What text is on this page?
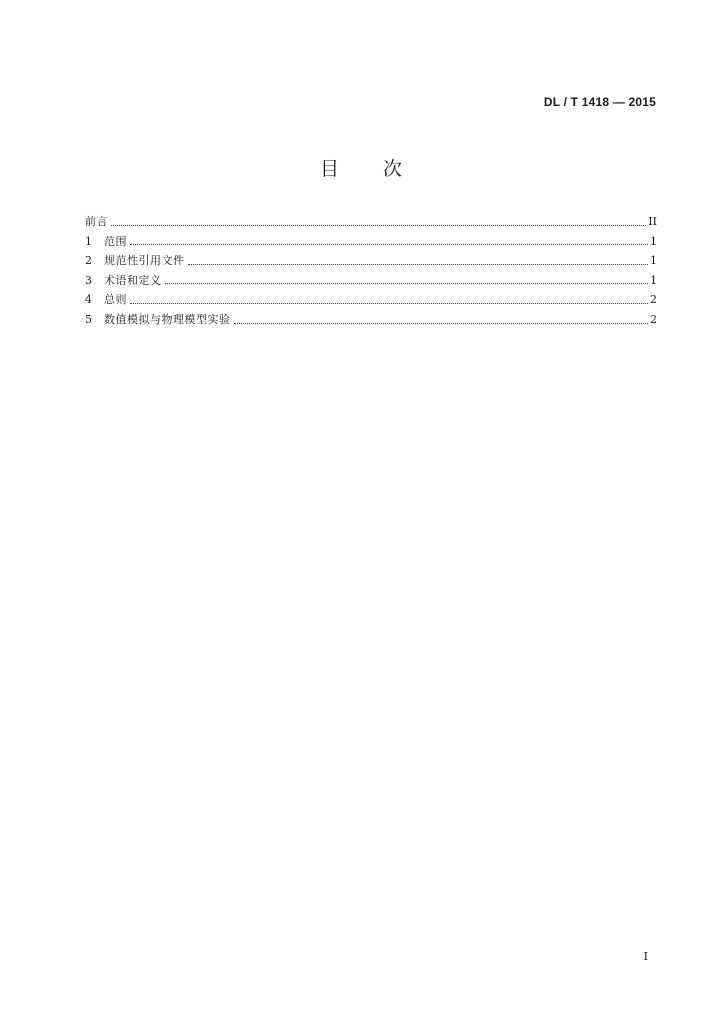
DL / T 1418 — 2015
目　　次
前言	II
1	范围	1
2	规范性引用文件	1
3	术语和定义	1
4	总则	2
5	数值模拟与物理模型实验	2
I
